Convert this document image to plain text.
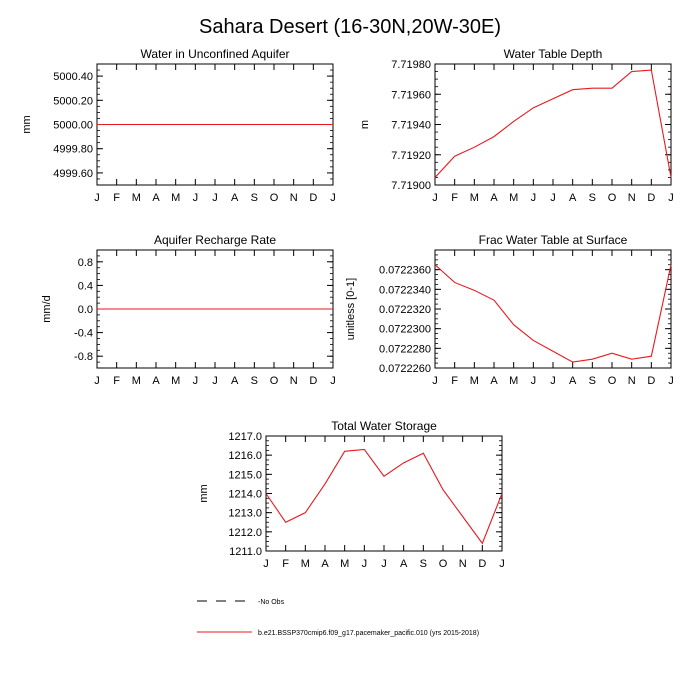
Sahara Desert (16-30N,20W-30E)
Water in Unconfined Aquifer
mm
J F M A M J J A S O N D J
4999.60
4999.80
5000.00
5000.20
5000.40
Water Table Depth
m
J F M A M J J A S O N D J
7.71900
7.71920
7.71940
7.71960
7.71980
Aquifer Recharge Rate
mm/d
J F M A M J J A S O N D J
-0.8
-0.4
0.0
0.4
0.8
Frac Water Table at Surface
unitless [0-1]
J F M A M J J A S O N D J
0.0722260
0.0722280
0.0722300
0.0722320
0.0722340
0.0722360
Total Water Storage
mm
J F M A M J J A S O N D J
1211.0
1212.0
1213.0
1214.0
1215.0
1216.0
1217.0
-No Obs
b.e21.BSSP370cmip6.f09_g17.pacemaker_pacific.010 (yrs 2015-2018)
